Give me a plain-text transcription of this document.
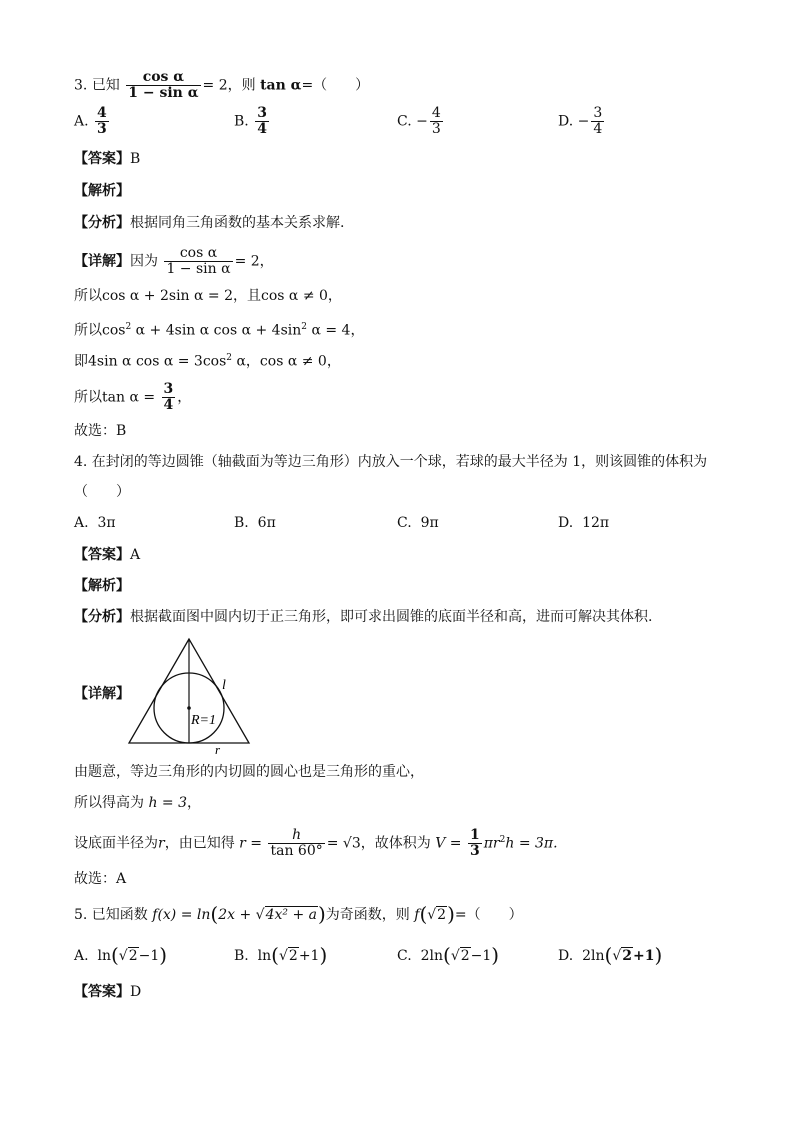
3. 已知 $\frac{\text{cos α}}{\text{1 − sin α}} = 2$，则 tan α=（　　）
A. $\frac{4}{3}$	B. $\frac{3}{4}$	C. − $\frac{4}{3}$	D. − $\frac{3}{4}$
【答案】B
【解析】
【分析】根据同角三角函数的基本关系求解.
【详解】因为 $\frac{\text{cos α}}{\text{1 − sin α}} = 2$，
所以cos α + 2sin α = 2，且cos α ≠ 0，
所以$\cos^2 \alpha + 4\sin$ α $\cos \alpha + 4\sin^2$ α = 4，
即4sin α $\cos \alpha = 3\cos^2$ α，cos α ≠ 0，
所以$\tan \alpha = \frac{3}{4}$ ，
故选：B
4. 在封闭的等边圆锥（轴截面为等边三角形）内放入一个球，若球的最大半径为 1，则该圆锥的体积为
（　　）
A. 3π	B. 6π	C. 9π	D. 12π
【答案】A
【解析】
【分析】根据截面图中圆内切于正三角形，即可求出圆锥的底面半径和高，进而可解决其体积.
【详解】
l
R=1
r
由题意，等边三角形的内切圆的圆心也是三角形的重心，
所以得高为 h = 3，
设底面半径为r，由已知得 $r = \frac{h}{\tan 60^\circ} = √3$，故体积为 $V = \frac{1}{3} \pi r^2h = 3\pi$.
故选：A
5. 已知函数 f(x) = ln(2x + √4x² + a)为奇函数，则 f(√2)=（　　）
A. ln(√2−1)	B. ln(√2+1)	C. 2ln(√2−1)	D. 2ln(√2+1)
【答案】D
